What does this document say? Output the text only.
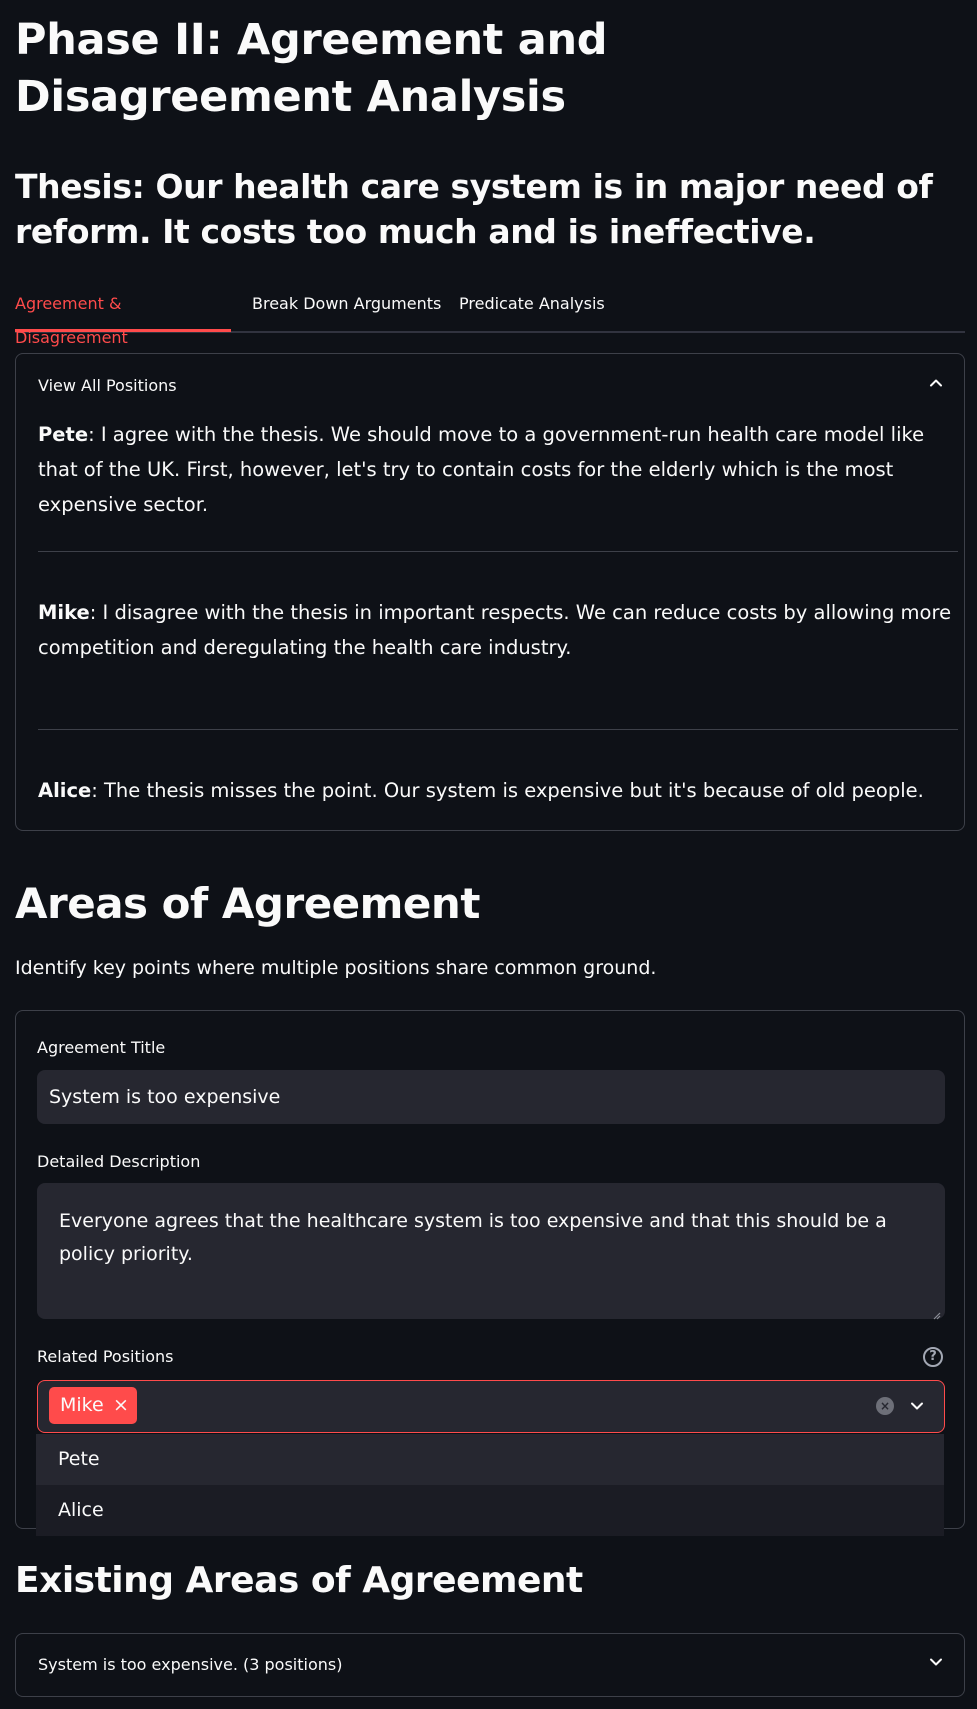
Phase II: Agreement and Disagreement Analysis
Thesis: Our health care system is in major need of reform. It costs too much and is ineffective.
Agreement & Disagreement
Break Down Arguments Predicate Analysis
View All Positions
Pete: I agree with the thesis. We should move to a government-run health care model like that of the UK. First, however, let's try to contain costs for the elderly which is the most expensive sector.
Mike: I disagree with the thesis in important respects. We can reduce costs by allowing more competition and deregulating the health care industry.
Alice: The thesis misses the point. Our system is expensive but it's because of old people.
Areas of Agreement
Identify key points where multiple positions share common ground.
Agreement Title
System is too expensive
Detailed Description
Everyone agrees that the healthcare system is too expensive and that this should be a policy priority.
Related Positions	?
Mike ×	×
Pete
Alice
Existing Areas of Agreement
System is too expensive. (3 positions)
